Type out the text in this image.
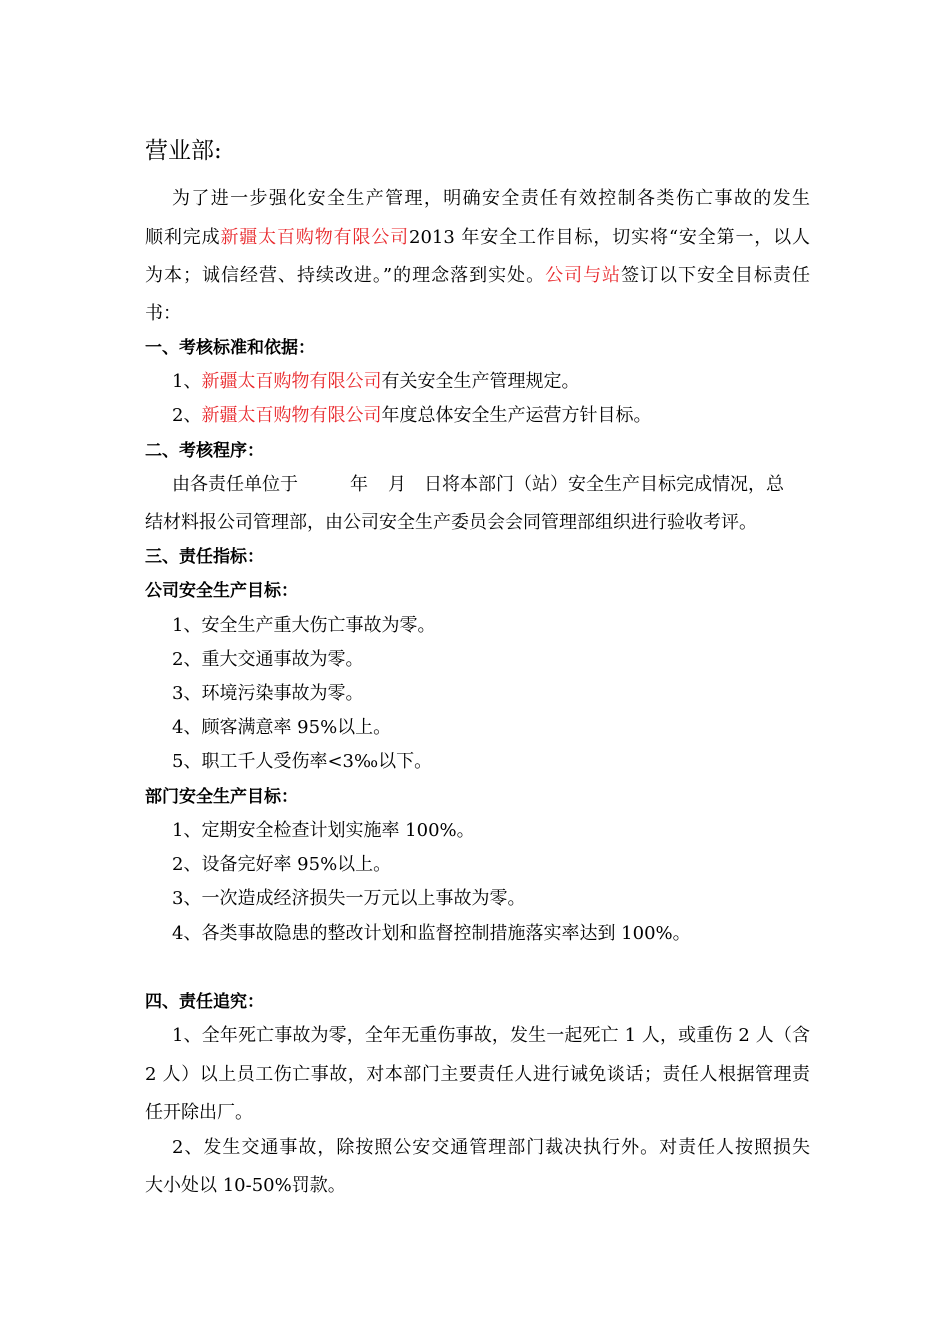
营业部:
为了进一步强化安全生产管理，明确安全责任有效控制各类伤亡事故的发生
顺利完成新疆太百购物有限公司2013 年安全工作目标，切实将“安全第一，以人
为本；诚信经营、持续改进。”的理念落到实处。公司与站签订以下安全目标责任
书：
一、考核标准和依据：
1、新疆太百购物有限公司有关安全生产管理规定。
2、新疆太百购物有限公司年度总体安全生产运营方针目标。
二、考核程序：
由各责任单位于	年 月 日将本部门（站）安全生产目标完成情况，总
结材料报公司管理部，由公司安全生产委员会会同管理部组织进行验收考评。
三、责任指标：
公司安全生产目标：
1、安全生产重大伤亡事故为零。
2、重大交通事故为零。
3、环境污染事故为零。
4、顾客满意率 95%以上。
5、职工千人受伤率<3‰以下。
部门安全生产目标：
1、定期安全检查计划实施率 100%。
2、设备完好率 95%以上。
3、一次造成经济损失一万元以上事故为零。
4、各类事故隐患的整改计划和监督控制措施落实率达到 100%。
四、责任追究：
1、全年死亡事故为零，全年无重伤事故，发生一起死亡 1 人，或重伤 2 人（含
2 人）以上员工伤亡事故，对本部门主要责任人进行诫免谈话；责任人根据管理责
任开除出厂。
2、发生交通事故，除按照公安交通管理部门裁决执行外。对责任人按照损失
大小处以 10-50%罚款。
